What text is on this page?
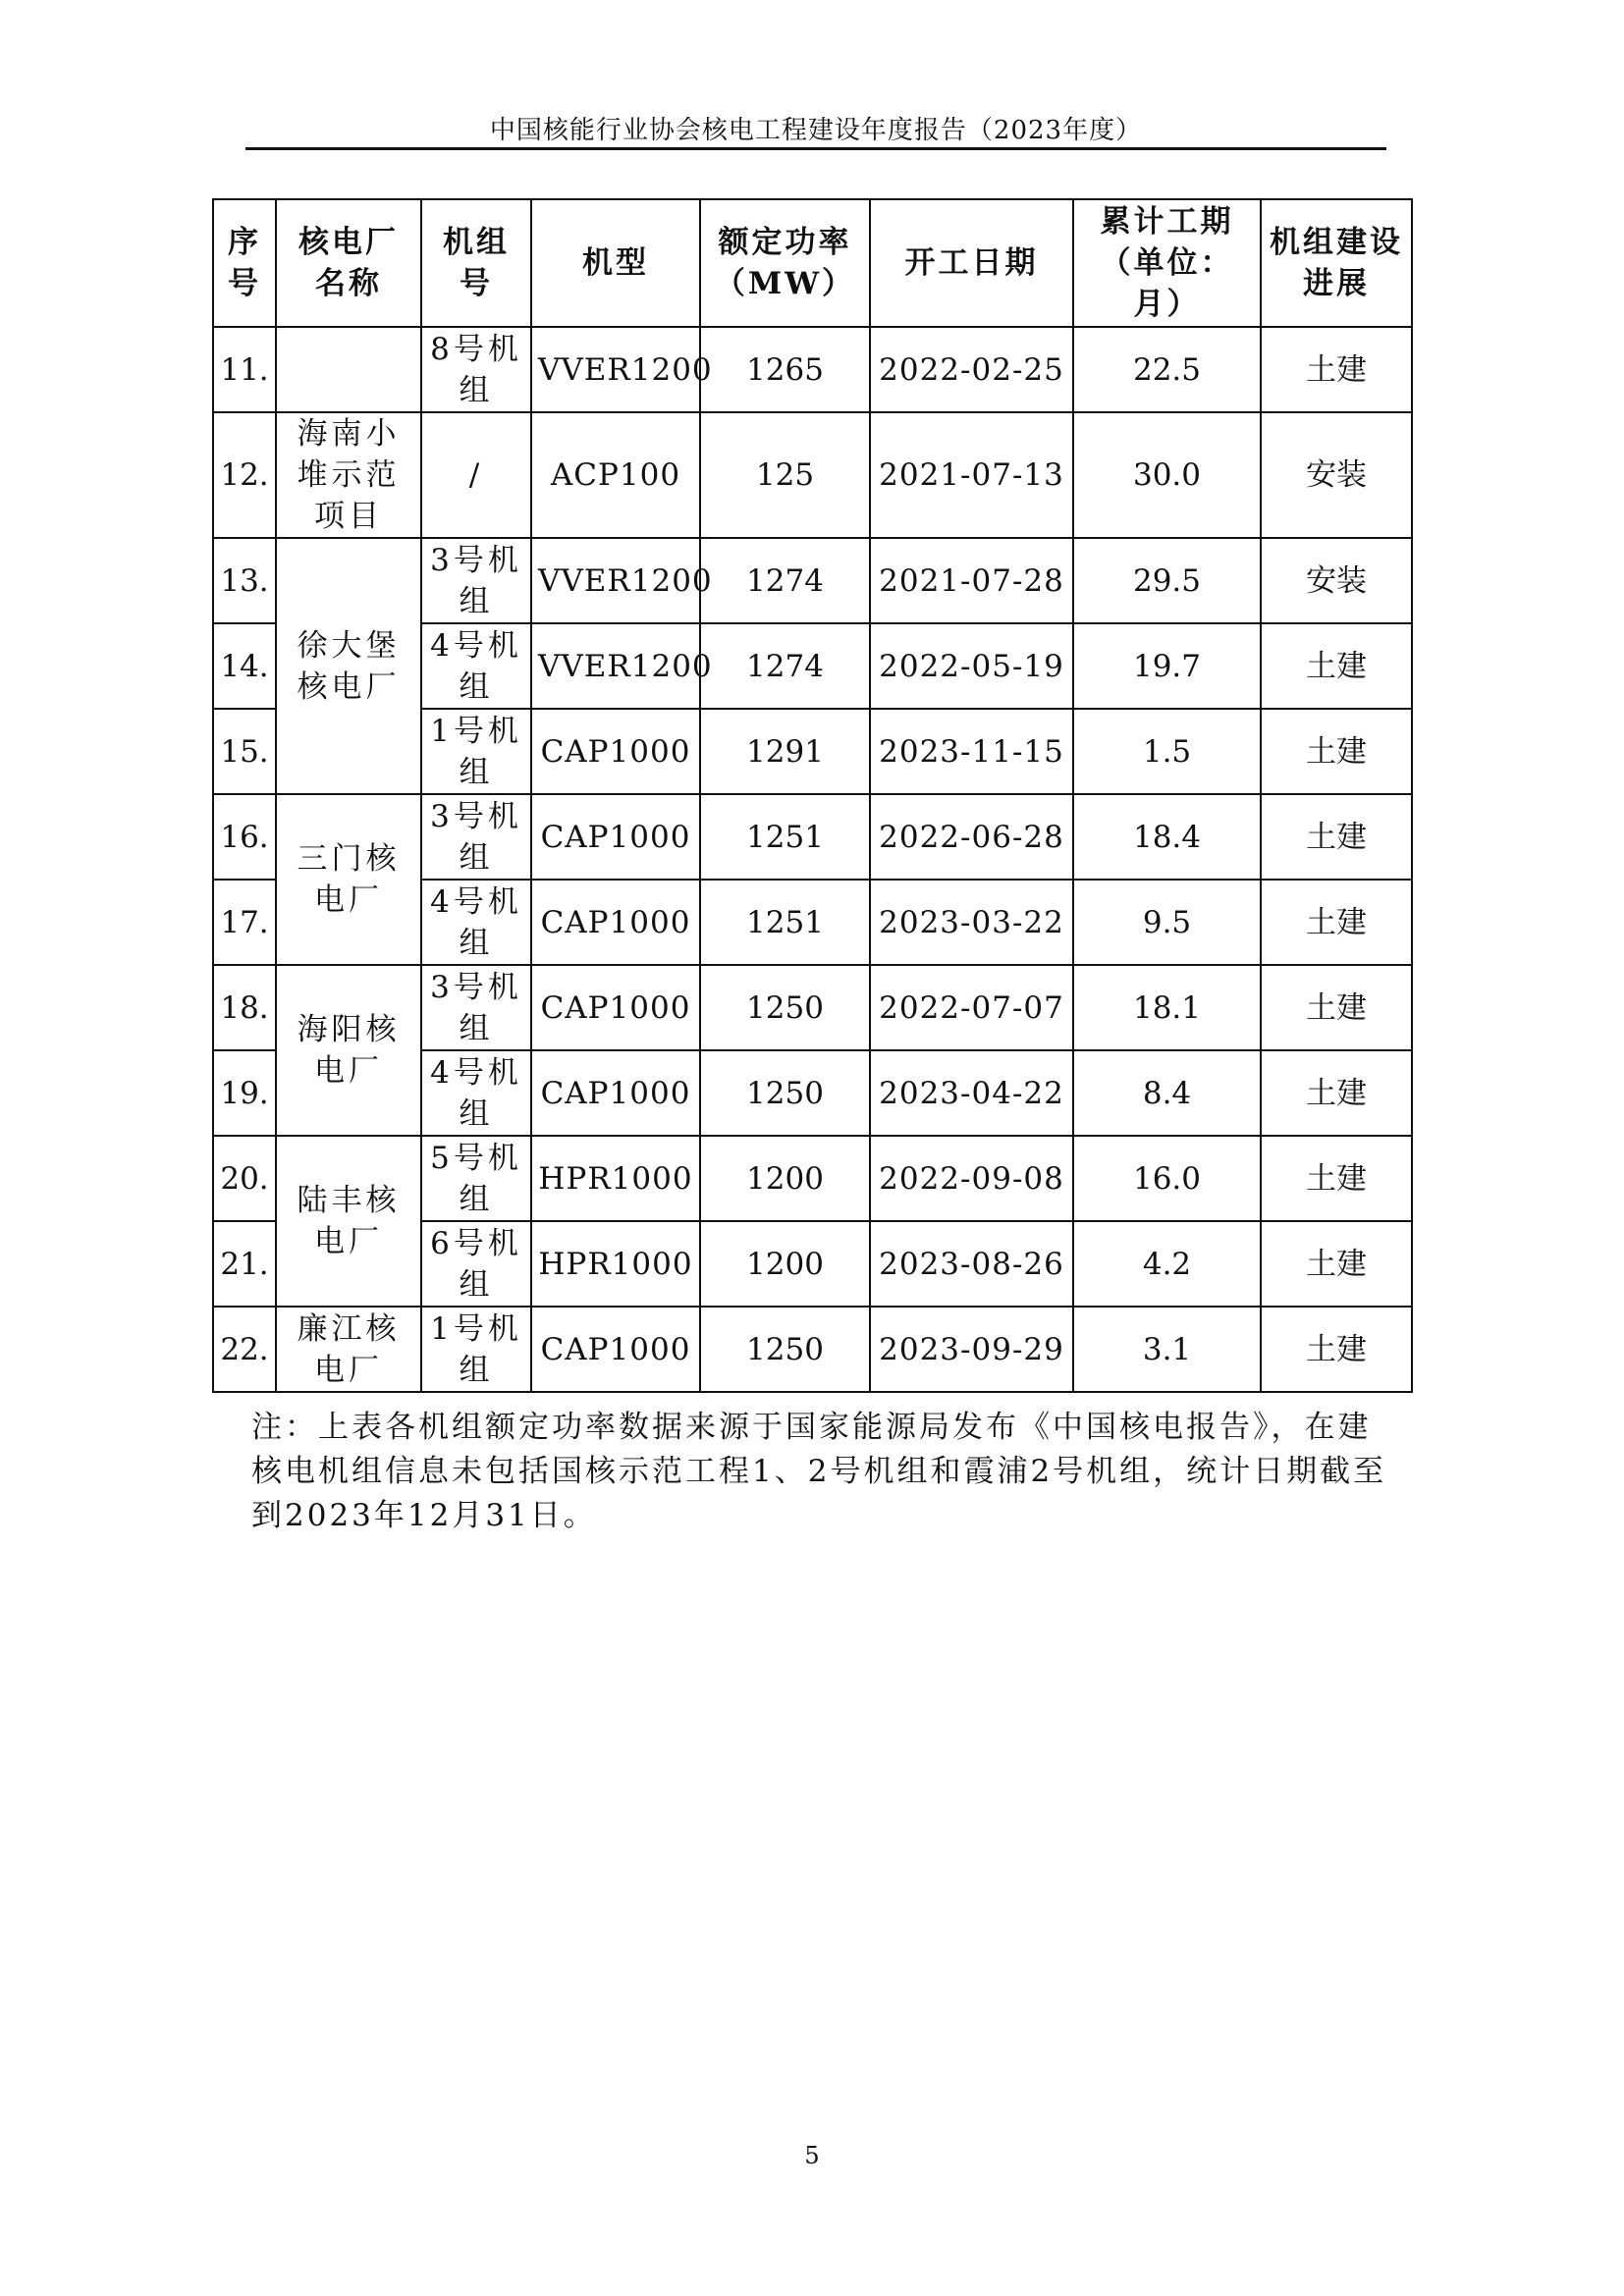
中国核能行业协会核电工程建设年度报告（2023年度）
序号	核电厂名称	机组号	机型	额定功率（MW）	开工日期	累计工期（单位：月）	机组建设进展
11.		8号机组	VVER1200	1265	2022-02-25	22.5	土建
12.	海南小堆示范项目	/	ACP100	125	2021-07-13	30.0	安装
13.	徐大堡核电厂	3号机组	VVER1200	1274	2021-07-28	29.5	安装
14.		4号机组	VVER1200	1274	2022-05-19	19.7	土建
15.		1号机组	CAP1000	1291	2023-11-15	1.5	土建
16.	三门核电厂	3号机组	CAP1000	1251	2022-06-28	18.4	土建
17.		4号机组	CAP1000	1251	2023-03-22	9.5	土建
18.	海阳核电厂	3号机组	CAP1000	1250	2022-07-07	18.1	土建
19.		4号机组	CAP1000	1250	2023-04-22	8.4	土建
20.	陆丰核电厂	5号机组	HPR1000	1200	2022-09-08	16.0	土建
21.		6号机组	HPR1000	1200	2023-08-26	4.2	土建
22.	廉江核电厂	1号机组	CAP1000	1250	2023-09-29	3.1	土建
注：上表各机组额定功率数据来源于国家能源局发布《中国核电报告》，在建核电机组信息未包括国核示范工程1、2号机组和霞浦2号机组，统计日期截至到2023年12月31日。
5
